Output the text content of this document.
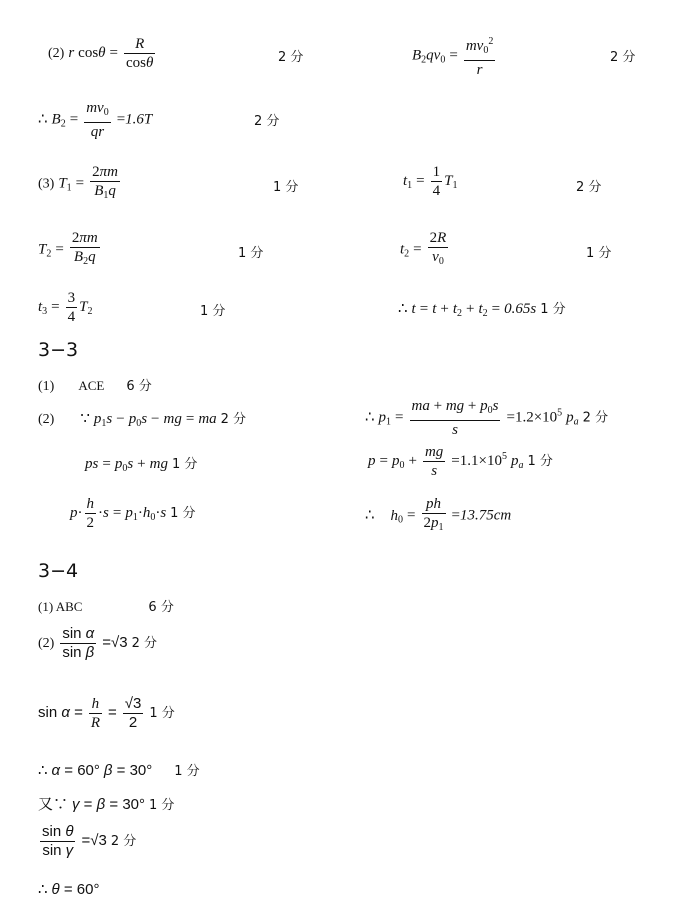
(2) r $\cos\theta = \frac{R}{\cos\theta}$	2 分	$B2qv0 = \frac{mv_0^2}{r}$	2 分
∴ $B2 = \frac{mv_0}{qr} =1.6T$	2 分
(3) $T1 = \frac{2\pi m}{B_1q}$	1 分	$t1 = \frac{1}{4} T1$	2 分
$T2 = \frac{2\pi m}{B_2q}$	1 分	$t2 = \frac{2R}{v_0}$	1 分
$t3 = \frac{3}{4} T2$	1 分	∴ t = t + t2 + t2 = 0.65s 1 分
3−3
(1) ACE 6 分
(2) ∵ p1s − p0s − mg = ma 2 分	∴ $p1 = \frac{ma + mg + p_0s}{s} =1.2\times 10^5$ $p_a$ 2 分
ps = p0s + mg 1 分	$p = p0 + \frac{mg}{s} =1.1\times 10^5$ $p_a$ 1 分
$p\cdot \frac{h}{2} \cdot s = p1\cdot h0\cdot s$ 1 分	∴ $h0 = \frac{ph}{2p_1} =13.75cm$
3−4
(1) ABC	6 分
$(2) \frac{\text{sin α}}{\text{sin β}} =√3$ 2 分
$\sin \alpha = \frac{h}{R} = \frac{√3}{2} 1$ 分
∴ α = 60° β = 30° 1 分
又∵ γ = β = 30° 1 分
$\frac{\text{sin θ}}{\text{sin γ}} =√3$ 2 分
∴ θ = 60°
